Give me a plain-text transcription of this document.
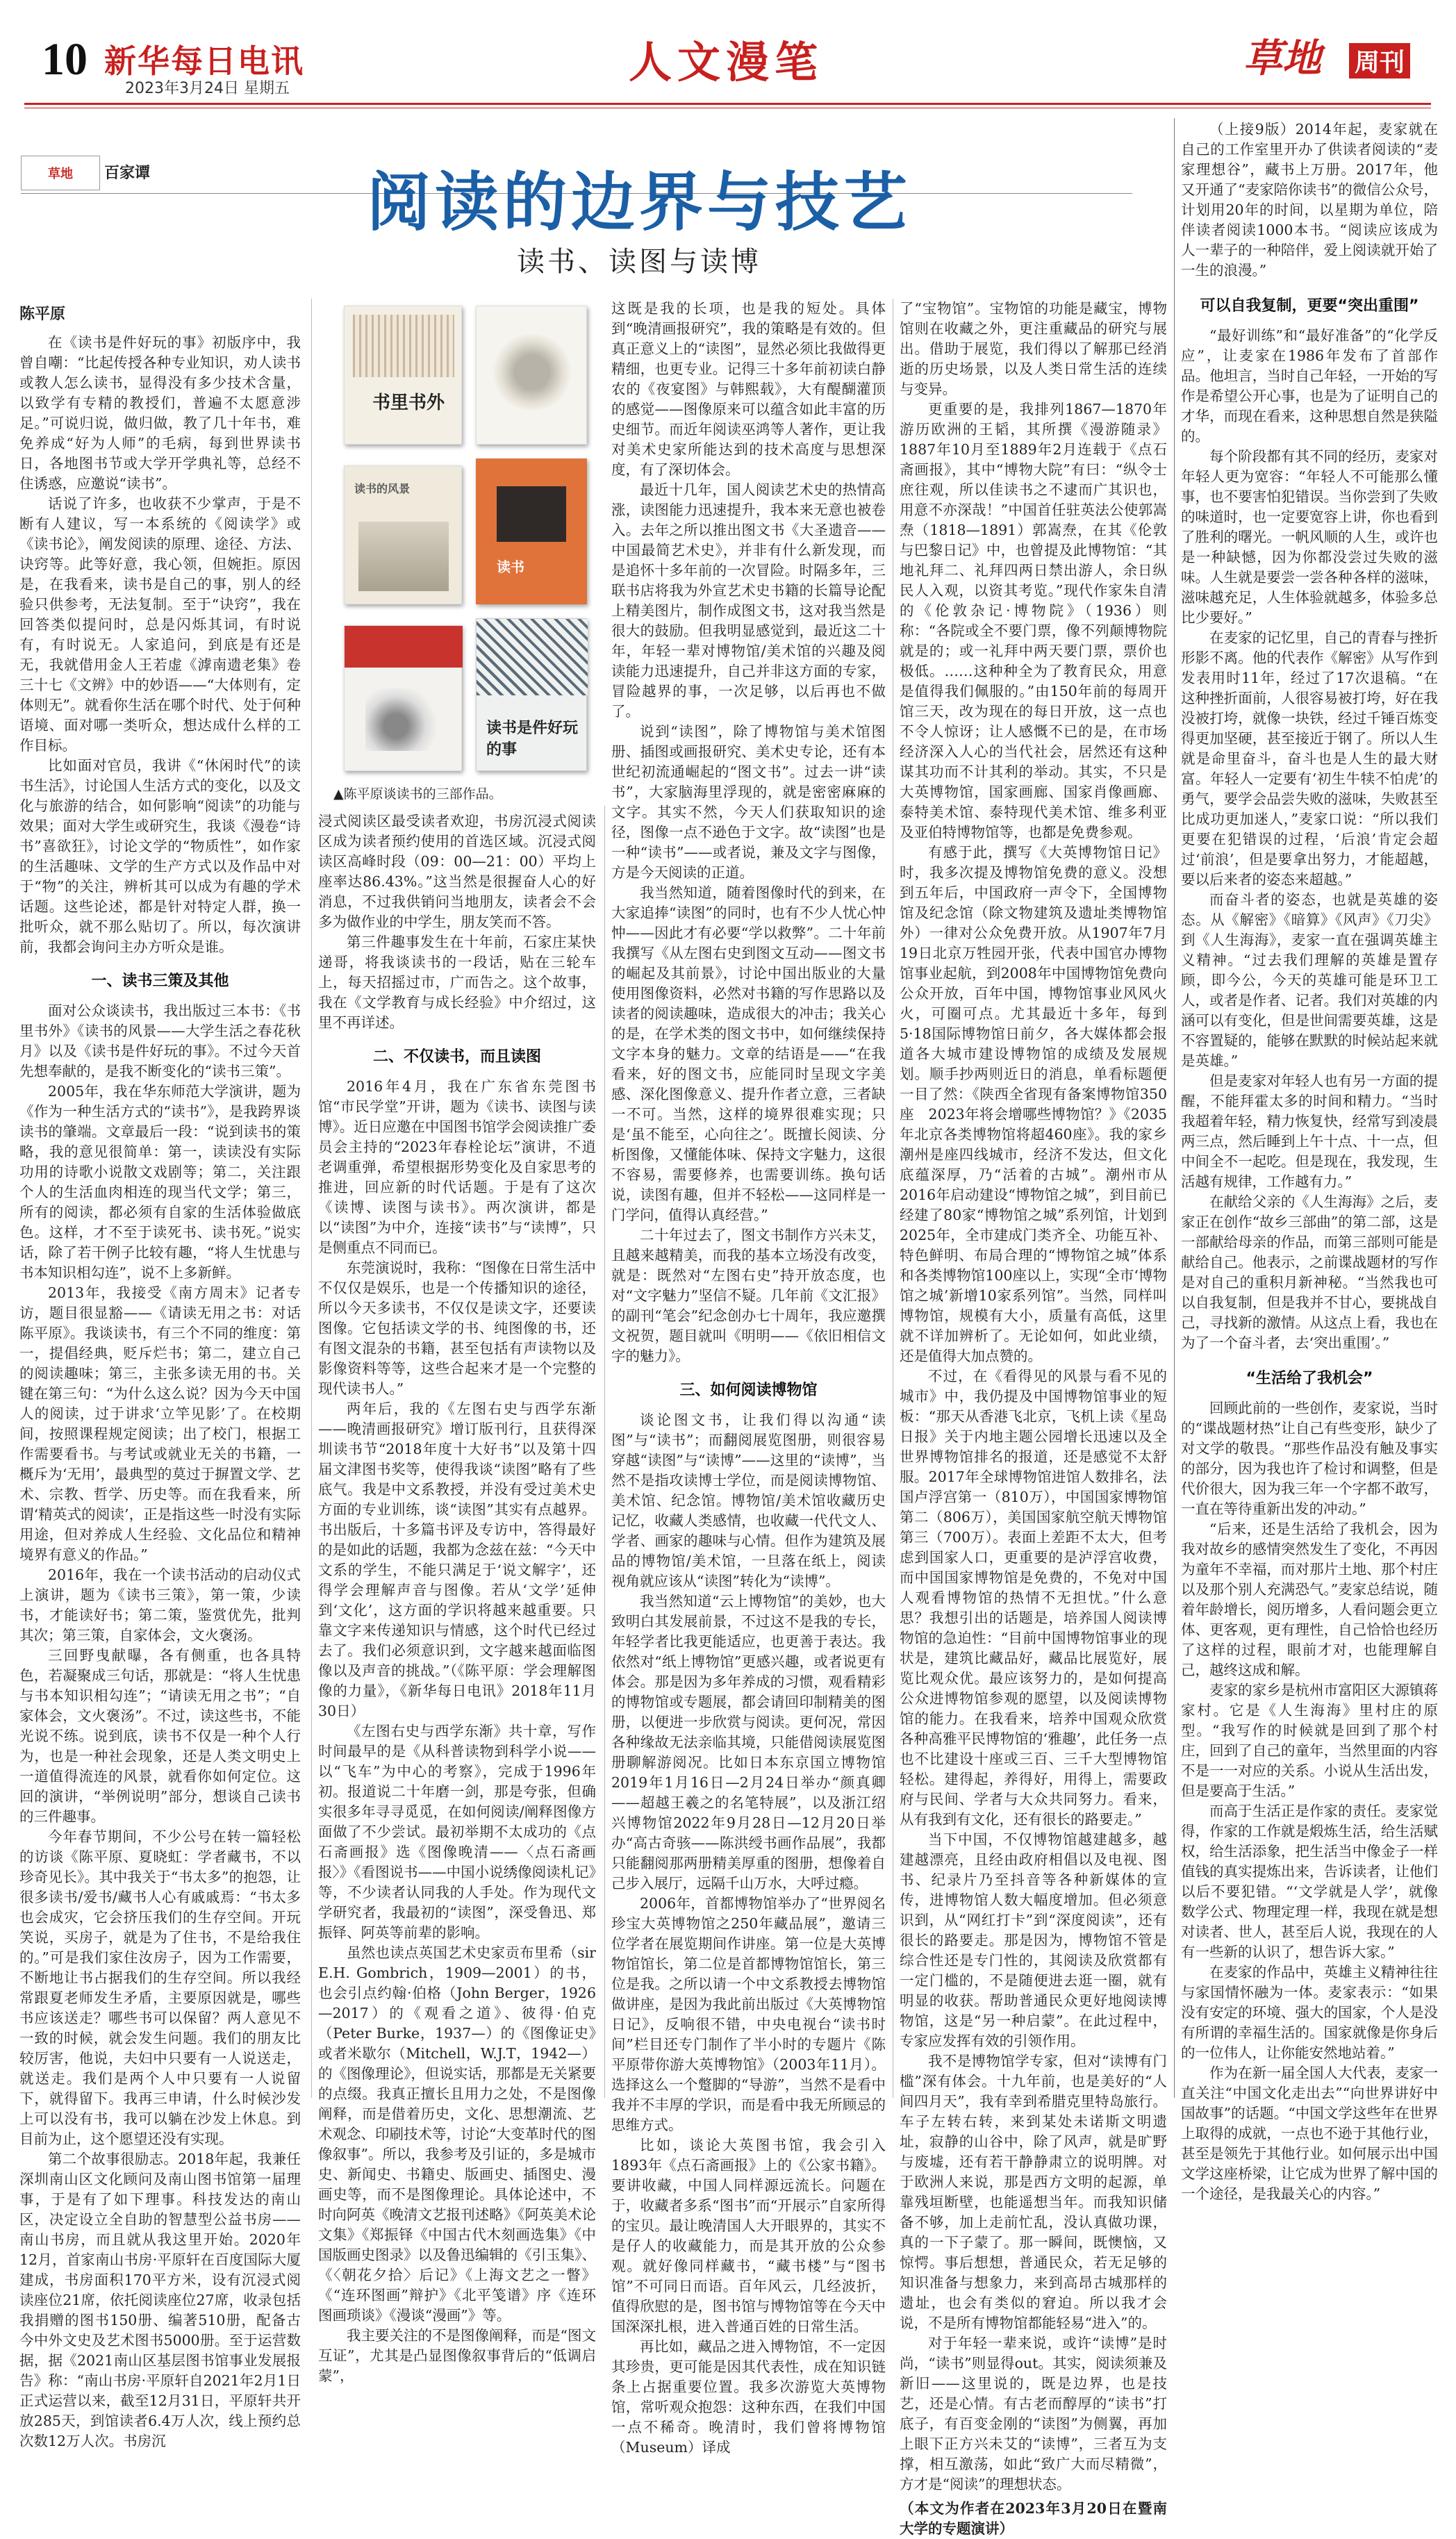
10 新华每日电讯
2023年3月24日 星期五
人文漫笔	草地 周刊
草地	百家谭	阅读的边界与技艺
读书、读图与读博
书里书外
读书的风景
读书
读书是件好玩的事
▲陈平原谈读书的三部作品。
陈平原

在《读书是件好玩的事》初版序中，我曾自嘲：“比起传授各种专业知识，劝人读书或教人怎么读书，显得没有多少技术含量，以致学有专精的教授们，普遍不太愿意涉足。”可说归说，做归做，教了几十年书，难免养成“好为人师”的毛病，每到世界读书日，各地图书节或大学开学典礼等，总经不住诱惑，应邀说“读书”。

话说了许多，也收获不少掌声，于是不断有人建议，写一本系统的《阅读学》或《读书论》，阐发阅读的原理、途径、方法、诀窍等。此等好意，我心领，但婉拒。原因是，在我看来，读书是自己的事，别人的经验只供参考，无法复制。至于“诀窍”，我在回答类似提问时，总是闪烁其词，有时说有，有时说无。人家追问，到底是有还是无，我就借用金人王若虚《滹南遗老集》卷三十七《文辨》中的妙语——“大体则有，定体则无”。就看你生活在哪个时代、处于何种语境、面对哪一类听众，想达成什么样的工作目标。

比如面对官员，我讲《“休闲时代”的读书生活》，讨论国人生活方式的变化，以及文化与旅游的结合，如何影响“阅读”的功能与效果；面对大学生或研究生，我谈《漫卷“诗书”喜欲狂》，讨论文学的“物质性”，如作家的生活趣味、文学的生产方式以及作品中对于“物”的关注，辨析其可以成为有趣的学术话题。这些论述，都是针对特定人群，换一批听众，就不那么贴切了。所以，每次演讲前，我都会询问主办方听众是谁。

一、读书三策及其他

面对公众谈读书，我出版过三本书：《书里书外》《读书的风景——大学生活之春花秋月》以及《读书是件好玩的事》。不过今天首先想奉献的，是我不断变化的“读书三策”。

2005年，我在华东师范大学演讲，题为《作为一种生活方式的“读书”》，是我跨界谈读书的肇端。文章最后一段：“说到读书的策略，我的意见很简单：第一，读读没有实际功用的诗歌小说散文戏剧等；第二，关注跟个人的生活血肉相连的现当代文学；第三，所有的阅读，都必须有自家的生活体验做底色。这样，才不至于读死书、读书死。”说实话，除了若干例子比较有趣，“将人生忧患与书本知识相勾连”，说不上多新鲜。

2013年，我接受《南方周末》记者专访，题目很显豁——《请读无用之书：对话陈平原》。我谈读书，有三个不同的维度：第一，提倡经典，贬斥烂书；第二，建立自己的阅读趣味；第三，主张多读无用的书。关键在第三句：“为什么这么说？因为今天中国人的阅读，过于讲求‘立竿见影’了。在校期间，按照课程规定阅读；出了校门，根据工作需要看书。与考试或就业无关的书籍，一概斥为‘无用’，最典型的莫过于摒置文学、艺术、宗教、哲学、历史等。而在我看来，所谓‘精英式的阅读’，正是指这些一时没有实际用途，但对养成人生经验、文化品位和精神境界有意义的作品。”

2016年，我在一个读书活动的启动仪式上演讲，题为《读书三策》，第一策，少读书，才能读好书；第二策，鉴赏优先，批判其次；第三策，自家体会，文火褒汤。

三回野曳献曝，各有侧重，也各具特色，若凝聚成三句话，那就是：“将人生忧患与书本知识相勾连”；“请读无用之书”；“自家体会，文火褒汤”。不过，读这些书，不能光说不练。说到底，读书不仅是一种个人行为，也是一种社会现象，还是人类文明史上一道值得流连的风景，就看你如何定位。这回的演讲，“举例说明”部分，想谈自己读书的三件趣事。

今年春节期间，不少公号在转一篇轻松的访谈《陈平原、夏晓虹：学者藏书，不以珍奇见长》。其中我关于“书太多”的抱怨，让很多读书/爱书/藏书人心有戚戚焉：“书太多也会成灾，它会挤压我们的生存空间。开玩笑说，买房子，就是为了住书，不是给我住的。”可是我们家住汝房子，因为工作需要，不断地让书占据我们的生存空间。所以我经常跟夏老师发生矛盾，主要原因就是，哪些书应该送走？哪些书可以保留？两人意见不一致的时候，就会发生问题。我们的朋友比较厉害，他说，夫妇中只要有一人说送走，就送走。我们是两个人中只要有一人说留下，就得留下。我再三申请，什么时候沙发上可以没有书，我可以躺在沙发上休息。到目前为止，这个愿望还没有实现。

第二个故事很励志。2018年起，我兼任深圳南山区文化顾问及南山图书馆第一届理事，于是有了如下理事。科技发达的南山区，决定设立全自助的智慧型公益书房——南山书房，而且就从我这里开始。2020年12月，首家南山书房·平原轩在百度国际大厦建成，书房面积170平方米，设有沉浸式阅读座位21席，依托阅读座位27席，收录包括我捐赠的图书150册、编著510册，配备古今中外文史及艺术图书5000册。至于运营数据，据《2021南山区基层图书馆事业发展报告》称：“南山书房·平原轩自2021年2月1日正式运营以来，截至12月31日，平原轩共开放285天，到馆读者6.4万人次，线上预约总次数12万人次。书房沉

浸式阅读区最受读者欢迎，书房沉浸式阅读区成为读者预约使用的首选区域。沉浸式阅读区高峰时段（09：00—21：00）平均上座率达86.43%。”这当然是很握奋人心的好消息，不过我供销问当地朋友，读者会不会多为做作业的中学生，朋友笑而不答。

第三件趣事发生在十年前，石家庄某快递哥，将我谈读书的一段话，贴在三轮车上，每天招摇过市，广而告之。这个故事，我在《文学教育与成长经验》中介绍过，这里不再详述。

二、不仅读书，而且读图

2016年4月，我在广东省东莞图书馆“市民学堂”开讲，题为《读书、读图与读博》。近日应邀在中国图书馆学会阅读推广委员会主持的“2023年春栓论坛”演讲，不逍老调重弹，希望根据形势变化及自家思考的推进，回应新的时代话题。于是有了这次《读博、读图与读书》。两次演讲，都是以“读图”为中介，连接“读书”与“读博”，只是侧重点不同而已。

东莞演说时，我称：“图像在日常生活中不仅仅是娱乐，也是一个传播知识的途径，所以今天多读书，不仅仅是读文字，还要读图像。它包括读文学的书、纯图像的书，还有图文混杂的书籍，甚至包括有声读物以及影像资料等等，这些合起来才是一个完整的现代读书人。”

两年后，我的《左图右史与西学东渐——晚清画报研究》增订版刊行，且获得深圳读书节“2018年度十大好书”以及第十四届文津图书奖等，使得我谈“读图”略有了些底气。我是中文系教授，并没有受过美术史方面的专业训练，谈“读图”其实有点越界。书出版后，十多篇书评及专访中，答得最好的是如此的话题，我都为念兹在兹：“今天中文系的学生，不能只满足于‘说文解字’，还得学会理解声音与图像。若从‘文学’延伸到‘文化’，这方面的学识将越来越重要。只靠文字来传递知识与情感，这个时代已经过去了。我们必须意识到，文字越来越面临图像以及声音的挑战。”（《陈平原：学会理解图像的力量》，《新华每日电讯》2018年11月30日）

《左图右史与西学东渐》共十章，写作时间最早的是《从科普读物到科学小说——以“飞车”为中心的考察》，完成于1996年初。报道说二十年磨一剑，那是夸张，但确实很多年寻寻觅觅，在如何阅读/阐释图像方面做了不少尝试。最初举期不太成功的《点石斋画报》选《图像晚清——〈点石斋画报〉》《看图说书——中国小说绣像阅读札记》等，不少读者认同我的人手处。作为现代文学研究者，我最初的“读图”，深受鲁迅、郑振铎、阿英等前辈的影响。

虽然也读点英国艺术史家贡布里希（sir E.H. Gombrich，1909—2001）的书，也会引点约翰·伯格（John Berger，1926—2017）的《观看之道》、彼得·伯克（Peter Burke，1937—）的《图像证史》或者米歇尔（Mitchell，W.J.T，1942—）的《图像理论》，但说实话，那都是无关紧要的点缀。我真正擅长且用力之处，不是图像阐释，而是借着历史，文化、思想潮流、艺术观念、印刷技术等，讨论“大变革时代的图像叙事”。所以，我参考及引证的，多是城市史、新闻史、书籍史、版画史、插图史、漫画史等，而不是图像理论。具体论述中，不时向阿英《晚清文艺报刊述略》《阿英美术论文集》《郑振铎《中国古代木刻画选集》《中国版画史图录》以及鲁迅编辑的《引玉集》、《〈朝花夕拾〉后记》《上海文艺之一瞥》《“连环图画”辩护》《北平笺谱》序《连环图画琐谈》《漫谈“漫画”》等。

我主要关注的不是图像阐释，而是“图文互证”，尤其是凸显图像叙事背后的“低调启蒙”，

这既是我的长项，也是我的短处。具体到“晚清画报研究”，我的策略是有效的。但真正意义上的“读图”，显然必须比我做得更精细，也更专业。记得三十多年前初读白静农的《夜宴图》与韩熙载》，大有醍醐灌顶的感觉——图像原来可以蕴含如此丰富的历史细节。而近年阅读巫鸿等人著作，更让我对美术史家所能达到的技术高度与思想深度，有了深切体会。

最近十几年，国人阅读艺术史的热情高涨，读图能力迅速提升，我本来无意也被卷入。去年之所以推出图文书《大圣遗音——中国最简艺术史》，并非有什么新发现，而是追怀十多年前的一次冒险。时隔多年，三联书店将我为外宣艺术史书籍的长篇导论配上精美图片，制作成图文书，这对我当然是很大的鼓励。但我明显感觉到，最近这二十年，年轻一辈对博物馆/美术馆的兴趣及阅读能力迅速提升，自己并非这方面的专家，冒险越界的事，一次足够，以后再也不做了。

说到“读图”，除了博物馆与美术馆图册、插图或画报研究、美术史专论，还有本世纪初流通崛起的“图文书”。过去一讲“读书”，大家脑海里浮现的，就是密密麻麻的文字。其实不然，今天人们获取知识的途径，图像一点不逊色于文字。故“读图”也是一种“读书”——或者说，兼及文字与图像，方是今天阅读的正道。

我当然知道，随着图像时代的到来，在大家追捧“读图”的同时，也有不少人忧心忡忡——因此才有必要“学以救弊”。二十年前我撰写《从左图右史到图文互动——图文书的崛起及其前景》，讨论中国出版业的大量使用图像资料，必然对书籍的写作思路以及读者的阅读趣味，造成很大的冲击；我关心的是，在学术类的图文书中，如何继续保持文字本身的魅力。文章的结语是——“在我看来，好的图文书，应能同时呈现文字美感、深化图像意义、提升作者立意，三者缺一不可。当然，这样的境界很难实现；只是‘虽不能至，心向往之’。既擅长阅读、分析图像，又懂能体味、保持文字魅力，这很不容易，需要修养，也需要训练。换句话说，读图有趣，但并不轻松——这同样是一门学问，值得认真经营。”

二十年过去了，图文书制作方兴未艾，且越来越精美，而我的基本立场没有改变，就是：既然对“左图右史”持开放态度，也对“文字魅力”坚信不疑。几年前《文汇报》的副刊“笔会”纪念创办七十周年，我应邀撰文祝贺，题目就叫《明明——《依旧相信文字的魅力》。

三、如何阅读博物馆

谈论图文书，让我们得以沟通“读图”与“读书”；而翻阅展览图册，则很容易穿越“读图”与“读博”——这里的“读博”，当然不是指攻读博士学位，而是阅读博物馆、美术馆、纪念馆。博物馆/美术馆收藏历史记忆，收藏人类感情，也收藏一代代文人、学者、画家的趣味与心情。但作为建筑及展品的博物馆/美术馆，一旦落在纸上，阅读视角就应该从“读图”转化为“读博”。

我当然知道“云上博物馆”的美妙，也大致明白其发展前景，不过这不是我的专长，年轻学者比我更能适应，也更善于表达。我依然对“纸上博物馆”更感兴趣，或者说更有体会。那是因为多年养成的习惯，观看精彩的博物馆或专题展，都会请回印制精美的图册，以便进一步欣赏与阅读。更何况，常因各种缘故无法亲临其境，只能借阅读展览图册聊解游阅况。比如日本东京国立博物馆2019年1月16日—2月24日举办“颜真卿——超越王羲之的名笔特展”，以及浙江绍兴博物馆2022年9月28日—12月20日举办“高古奇骇——陈洪绶书画作品展”，我都只能翻阅那两册精美厚重的图册，想像着自己步入展厅，远隔千山万水，大呼过瘾。

2006年，首都博物馆举办了“世界阅名珍宝大英博物馆之250年藏品展”，邀请三位学者在展览期间作讲座。第一位是大英博物馆馆长，第二位是首都博物馆馆长，第三位是我。之所以请一个中文系教授去博物馆做讲座，是因为我此前出版过《大英博物馆日记》，反响很不错，中央电视台“读书时间”栏目还专门制作了半小时的专题片《陈平原带你游大英博物馆》（2003年11月）。选择这么一个蹩脚的“导游”，当然不是看中我并不丰厚的学识，而是看中我无所顾忌的思维方式。

比如，谈论大英图书馆，我会引入1893年《点石斋画报》上的《公家书籍》。要讲收藏，中国人同样源远流长。问题在于，收藏者多系“图书”而“开展示”自家所得的宝贝。最让晚清国人大开眼界的，其实不是仔人的收藏能力，而是其开放的公众参观。就好像同样藏书，“藏书楼”与“图书馆”不可同日而语。百年风云，几经波折，值得欣慰的是，图书馆与博物馆等在今天中国深深扎根，进入普通百姓的日常生活。

再比如，藏品之进入博物馆，不一定因其珍贵，更可能是因其代表性，成在知识链条上占据重要位置。我多次游览大英博物馆，常听观众抱怨：这种东西，在我们中国一点不稀奇。晚清时，我们曾将博物馆（Museum）译成

了“宝物馆”。宝物馆的功能是藏宝，博物馆则在收藏之外，更注重藏品的研究与展出。借助于展览，我们得以了解那已经消逝的历史场景，以及人类日常生活的连续与变异。

更重要的是，我排列1867—1870年游历欧洲的王韬，其所撰《漫游随录》1887年10月至1889年2月连载于《点石斋画报》，其中“博物大院”有曰：“纵令士庶往观，所以佳读书之不逮而广其识也，用意不亦深哉！”中国首任驻英法公使郭嵩焘（1818—1891）郭嵩焘，在其《伦敦与巴黎日记》中，也曾提及此博物馆：“其地礼拜二、礼拜四两日禁出游人，余日纵民人入观，以资其考览。”现代作家朱自清的《伦敦杂记·博物院》（1936）则称：“各院或全不要门票，像不列颠博物院就是的；或一礼拜中两天要门票，票价也极低。……这种种全为了教育民众，用意是值得我们佩服的。”由150年前的每周开馆三天，改为现在的每日开放，这一点也不令人惊讶；让人感慨不已的是，在市场经济深入人心的当代社会，居然还有这种谋其功而不计其利的举动。其实，不只是大英博物馆，国家画廊、国家肖像画廊、泰特美术馆、泰特现代美术馆、维多利亚及亚伯特博物馆等，也都是免费参观。

有感于此，撰写《大英博物馆日记》时，我多次提及博物馆免费的意义。没想到五年后，中国政府一声令下，全国博物馆及纪念馆（除文物建筑及遗址类博物馆外）一律对公众免费开放。从1907年7月19日北京万牲园开张，代表中国官办博物馆事业起航，到2008年中国博物馆免费向公众开放，百年中国，博物馆事业风风火火，可圈可点。尤其最近十多年，每到5·18国际博物馆日前夕，各大媒体都会报道各大城市建设博物馆的成绩及发展规划。顺手抄两则近日的消息，单看标题便一目了然：《陕西全省现有备案博物馆350座　2023年将会增哪些博物馆？》《2035年北京各类博物馆将超460座》。我的家乡潮州是座四线城市，经济不发达，但文化底蕴深厚，乃“活着的古城”。潮州市从2016年启动建设“博物馆之城”，到目前已经建了80家“博物馆之城”系列馆，计划到2025年，全市建成门类齐全、功能互补、特色鲜明、布局合理的“博物馆之城”体系和各类博物馆100座以上，实现“全市‘博物馆之城’新增10家系列馆”。当然，同样叫博物馆，规模有大小，质量有高低，这里就不详加辨析了。无论如何，如此业绩，还是值得大加点赞的。

不过，在《看得见的风景与看不见的城市》中，我仍提及中国博物馆事业的短板：“那天从香港飞北京，飞机上读《星岛日报》关于内地主题公园增长迅速以及全世界博物馆排名的报道，还是感觉不太舒服。2017年全球博物馆进馆人数排名，法国卢浮宫第一（810万），中国国家博物馆第二（806万），美国国家航空航天博物馆第三（700万）。表面上差距不太大，但考虑到国家人口，更重要的是泸浮宫收费，而中国国家博物馆是免费的，不免对中国人观看博物馆的热情不无担忧。”什么意思？我想引出的话题是，培养国人阅读博物馆的急迫性：“目前中国博物馆事业的现状是，建筑比藏品好，藏品比展览好，展览比观众优。最应该努力的，是如何提高公众进博物馆参观的愿望，以及阅读博物馆的能力。在我看来，培养中国观众欣赏各种高雅平民博物馆的‘雅趣’，此任务一点也不比建设十座或三百、三千大型博物馆轻松。建得起，养得好，用得上，需要政府与民间、学者与大众共同努力。看来，从有我到有文化，还有很长的路要走。”

当下中国，不仅博物馆越建越多，越建越漂亮，且经由政府相倡以及电视、图书、纪录片乃至抖音等各种新媒体的宣传，进博物馆人数大幅度增加。但必须意识到，从“网红打卡”到“深度阅读”，还有很长的路要走。那是因为，博物馆不管是综合性还是专门性的，其阅读及欣赏都有一定门槛的，不是随便进去逛一圈，就有明显的收获。帮助普通民众更好地阅读博物馆，这是“另一种启蒙”。在此过程中，专家应发挥有效的引领作用。

我不是博物馆学专家，但对“读博有门槛”深有体会。十九年前，也是美好的“人间四月天”，我有幸到希腊克里特岛旅行。车子左转右转，来到某处未诺斯文明遗址，寂静的山谷中，除了风声，就是旷野与废墟，还有若干静静肃立的说明牌。对于欧洲人来说，那是西方文明的起源，单靠残垣断壁，也能遥想当年。而我知识储备不够，加上走前忙乱，没认真做功课，真的一下子蒙了。那一瞬间，既懊恼，又惊愕。事后想想，普通民众，若无足够的知识准备与想象力，来到高昂古城那样的遗址，也会有类似的窘迫。所以我才会说，不是所有博物馆都能轻易“进入”的。

对于年轻一辈来说，或许“读博”是时尚，“读书”则显得out。其实，阅读须兼及新旧——这里说的，既是边界，也是技艺，还是心情。有古老而醇厚的“读书”打底子，有百变金刚的“读图”为侧翼，再加上眼下正方兴未艾的“读博”，三者互为支撑，相互激荡，如此“致广大而尽精微”，方才是“阅读”的理想状态。

（本文为作者在2023年3月20日在暨南大学的专题演讲）

（上接9版）2014年起，麦家就在自己的工作室里开办了供读者阅读的“麦家理想谷”，藏书上万册。2017年，他又开通了“麦家陪你读书”的微信公众号，计划用20年的时间，以星期为单位，陪伴读者阅读1000本书。“阅读应该成为人一辈子的一种陪伴，爱上阅读就开始了一生的浪漫。”

可以自我复制，更要“突出重围”

“最好训练”和“最好准备”的“化学反应”，让麦家在1986年发布了首部作品。他坦言，当时自己年轻，一开始的写作是希望公开心事，也是为了证明自己的才华，而现在看来，这种思想自然是狭隘的。

每个阶段都有其不同的经历，麦家对年轻人更为宽容：“年轻人不可能那么懂事，也不要害怕犯错误。当你尝到了失败的味道时，也一定要宽容上讲，你也看到了胜利的曙光。一帆风顺的人生，或许也是一种缺憾，因为你都没尝过失败的滋味。人生就是要尝一尝各种各样的滋味，滋味越充足，人生体验就越多，体验多总比少要好。”

在麦家的记忆里，自己的青春与挫折形影不离。他的代表作《解密》从写作到发表用时11年，经过了17次退稿。“在这种挫折面前，人很容易被打垮，好在我没被打垮，就像一块铁，经过千锤百炼变得更加坚硬，甚至接近于钢了。所以人生就是命里奋斗，奋斗也是人生的最大财富。年轻人一定要有‘初生牛犊不怕虎’的勇气，要学会品尝失败的滋味，失败甚至比成功更加迷人，”麦家口说：“所以我们更要在犯错误的过程，‘后浪’肯定会超过‘前浪’，但是要拿出努力，才能超越，要以后来者的姿态来超越。”

而奋斗者的姿态，也就是英雄的姿态。从《解密》《暗算》《风声》《刀尖》到《人生海海》，麦家一直在强调英雄主义精神。“过去我们理解的英雄是置存顾，即今公，今天的英雄可能是环卫工人，或者是作者、记者。我们对英雄的内涵可以有变化，但是世间需要英雄，这是不容置疑的，能够在默默的时候站起来就是英雄。”

但是麦家对年轻人也有另一方面的提醒，不能拜霍太多的时间和精力。“当时我超着年轻，精力恢复快，经常写到凌晨两三点，然后睡到上午十点、十一点，但中间全不一起吃。但是现在，我发现，生活越有规律，工作越有力。”

在献给父亲的《人生海海》之后，麦家正在创作“故乡三部曲”的第二部，这是一部献给母亲的作品，而第三部则可能是献给自己。他表示，之前谍战题材的写作是对自己的重积月新神秘。“当然我也可以自我复制，但是我并不甘心，要挑战自己，寻找新的激情。从这点上看，我也在为了一个奋斗者，去‘突出重围’。”

“生活给了我机会”

回顾此前的一些创作，麦家说，当时的“谍战题材热”让自己有些变形，缺少了对文学的敬畏。“那些作品没有触及事实的部分，因为我也许了检讨和调整，但是代价很大，因为我三年一个字都不敢写，一直在等待重新出发的冲动。”

“后来，还是生活给了我机会，因为我对故乡的感情突然发生了变化，不再因为童年不幸福，而对那片土地、那个村庄以及那个别人充满恐气。”麦家总结说，随着年龄增长，阅历增多，人看问题会更立体、更客观，更有理性，自己恰恰也经历了这样的过程，眼前才对，也能理解自己，越终这成和解。

麦家的家乡是杭州市富阳区大源镇蒋家村。它是《人生海海》里村庄的原型。“我写作的时候就是回到了那个村庄，回到了自己的童年，当然里面的内容不是一一对应的关系。小说从生活出发，但是要高于生活。”

而高于生活正是作家的责任。麦家觉得，作家的工作就是煅炼生活，给生活赋权，给生活添象，把生活当中像金子一样值钱的真实提炼出来，告诉读者，让他们以后不要犯错。“‘文学就是人学’，就像数学公式、物理定理一样，我现在就是想对读者、世人，甚至后人说，我现在的人有一些新的认识了，想告诉大家。”

在麦家的作品中，英雄主义精神往往与家国情怀融为一体。麦家表示：“如果没有安定的环境、强大的国家，个人是没有所谓的幸福生活的。国家就像是你身后的一位伟人，让你能安然地站着。”

作为在新一届全国人大代表，麦家一直关注“中国文化走出去”“向世界讲好中国故事”的话题。“中国文学这些年在世界上取得的成就，一点也不逊于其他行业，甚至是领先于其他行业。如何展示出中国文学这座桥梁，让它成为世界了解中国的一个途径，是我最关心的内容。”
